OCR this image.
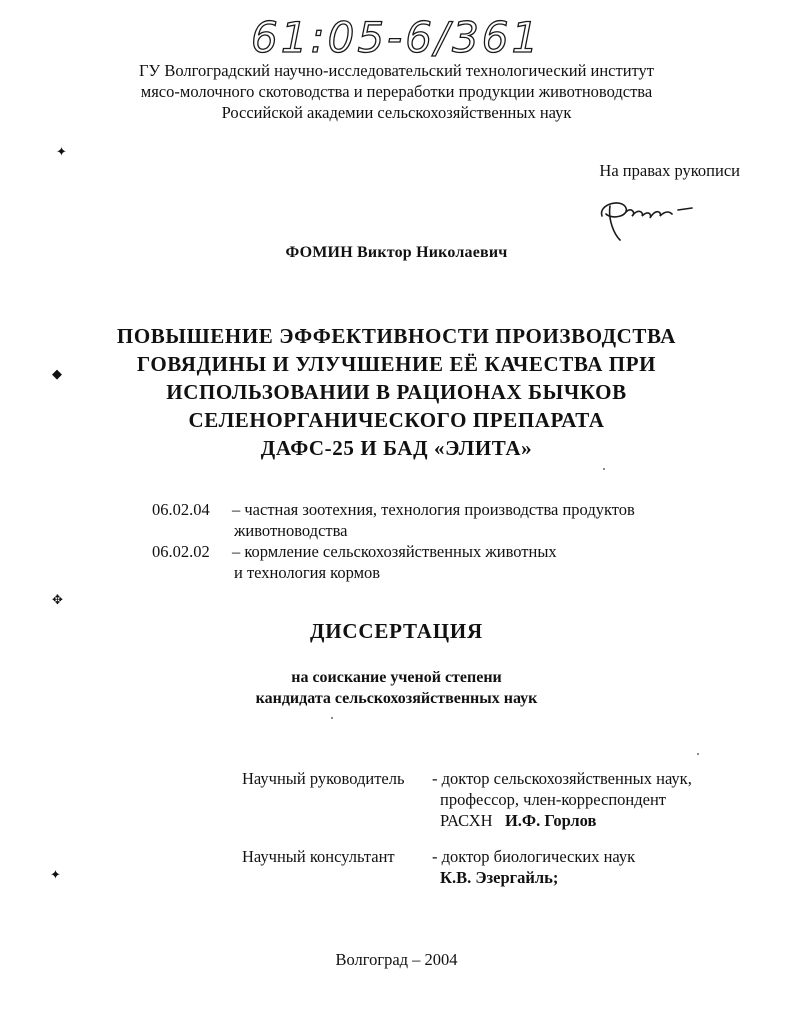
61:05-6/361
ГУ Волгоградский научно-исследовательский технологический институт
мясо-молочного скотоводства и переработки продукции животноводства
Российской академии сельскохозяйственных наук
На правах рукописи
ФОМИН Виктор Николаевич
ПОВЫШЕНИЕ ЭФФЕКТИВНОСТИ ПРОИЗВОДСТВА
ГОВЯДИНЫ И УЛУЧШЕНИЕ ЕЁ КАЧЕСТВА ПРИ
ИСПОЛЬЗОВАНИИ В РАЦИОНАХ БЫЧКОВ
СЕЛЕНОРГАНИЧЕСКОГО ПРЕПАРАТА
ДАФС-25 И БАД «ЭЛИТА»
06.02.04	– частная зоотехния, технология производства продуктов
животноводства
06.02.02	– кормление сельскохозяйственных животных
и технология кормов
ДИССЕРТАЦИЯ
на соискание ученой степени
кандидата сельскохозяйственных наук
Научный руководитель	- доктор сельскохозяйственных наук,
профессор, член-корреспондент
РАСХН И.Ф. Горлов
Научный консультант	- доктор биологических наук
К.В. Эзергайль;
Волгоград – 2004
✦
◆
✥
✦
